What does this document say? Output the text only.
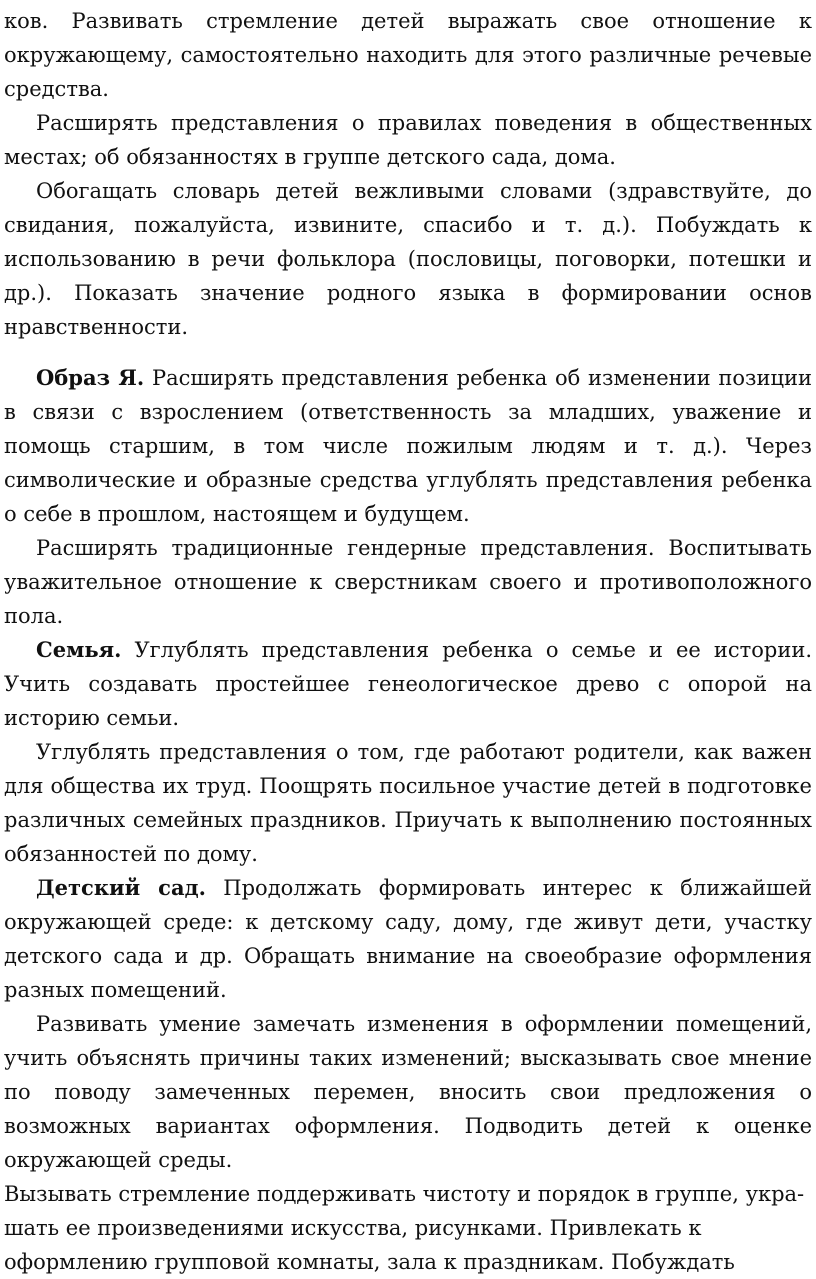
ков. Развивать стремление детей выражать свое отношение к окружающему, самостоятельно находить для этого различные речевые средства.

Расширять представления о правилах поведения в общественных местах; об обязанностях в группе детского сада, дома.

Обогащать словарь детей вежливыми словами (здравствуйте, до свидания, пожалуйста, извините, спасибо и т. д.). Побуждать к использованию в речи фольклора (пословицы, поговорки, потешки и др.). Показать значение родного языка в формировании основ нравственности.

Образ Я. Расширять представления ребенка об изменении позиции в связи с взрослением (ответственность за младших, уважение и помощь старшим, в том числе пожилым людям и т. д.). Через символические и образные средства углублять представления ребенка о себе в прошлом, настоящем и будущем.

Расширять традиционные гендерные представления. Воспитывать уважительное отношение к сверстникам своего и противоположного пола.

Семья. Углублять представления ребенка о семье и ее истории. Учить создавать простейшее генеологическое древо с опорой на историю семьи.

Углублять представления о том, где работают родители, как важен для общества их труд. Поощрять посильное участие детей в подготовке различных семейных праздников. Приучать к выполнению постоянных обязанностей по дому.

Детский сад. Продолжать формировать интерес к ближайшей окружающей среде: к детскому саду, дому, где живут дети, участку детского сада и др. Обращать внимание на своеобразие оформления разных помещений.

Развивать умение замечать изменения в оформлении помещений, учить объяснять причины таких изменений; высказывать свое мнение по поводу замеченных перемен, вносить свои предложения о возможных вариантах оформления. Подводить детей к оценке окружающей среды.

Вызывать стремление поддерживать чистоту и порядок в группе, укра-
шать ее произведениями искусства, рисунками. Привлекать к
оформлению групповой комнаты, зала к праздникам. Побуждать
